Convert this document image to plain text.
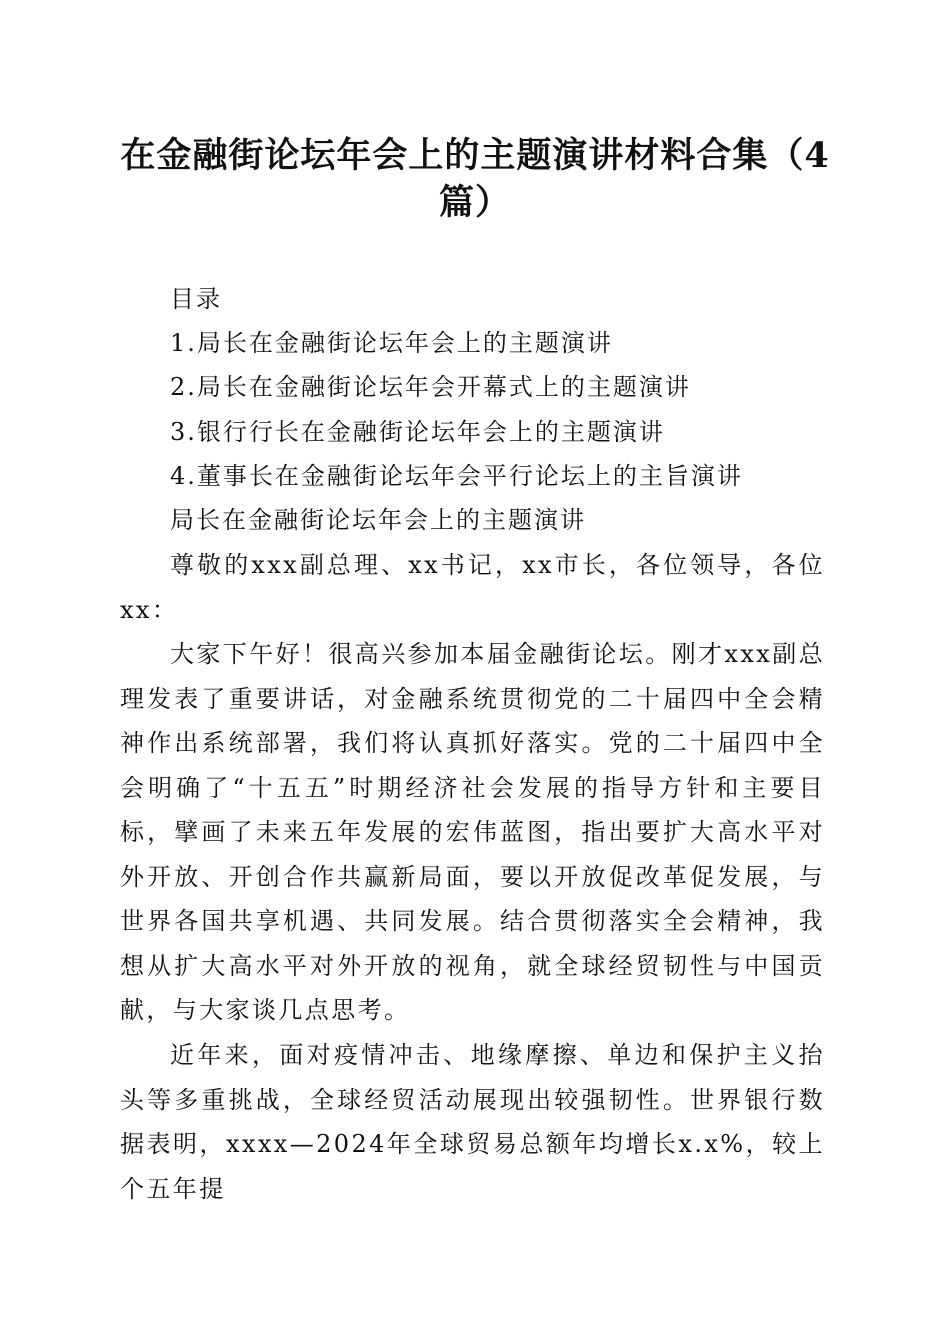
在金融街论坛年会上的主题演讲材料合集（4篇）
目录
1.局长在金融街论坛年会上的主题演讲
2.局长在金融街论坛年会开幕式上的主题演讲
3.银行行长在金融街论坛年会上的主题演讲
4.董事长在金融街论坛年会平行论坛上的主旨演讲
局长在金融街论坛年会上的主题演讲
尊敬的xxx副总理、xx书记，xx市长，各位领导，各位xx：
大家下午好！很高兴参加本届金融街论坛。刚才xxx副总理发表了重要讲话，对金融系统贯彻党的二十届四中全会精神作出系统部署，我们将认真抓好落实。党的二十届四中全会明确了“十五五”时期经济社会发展的指导方针和主要目标，擘画了未来五年发展的宏伟蓝图，指出要扩大高水平对外开放、开创合作共赢新局面，要以开放促改革促发展，与世界各国共享机遇、共同发展。结合贯彻落实全会精神，我想从扩大高水平对外开放的视角，就全球经贸韧性与中国贡献，与大家谈几点思考。
近年来，面对疫情冲击、地缘摩擦、单边和保护主义抬头等多重挑战，全球经贸活动展现出较强韧性。世界银行数据表明，xxxx—2024年全球贸易总额年均增长x.x%，较上个五年提
